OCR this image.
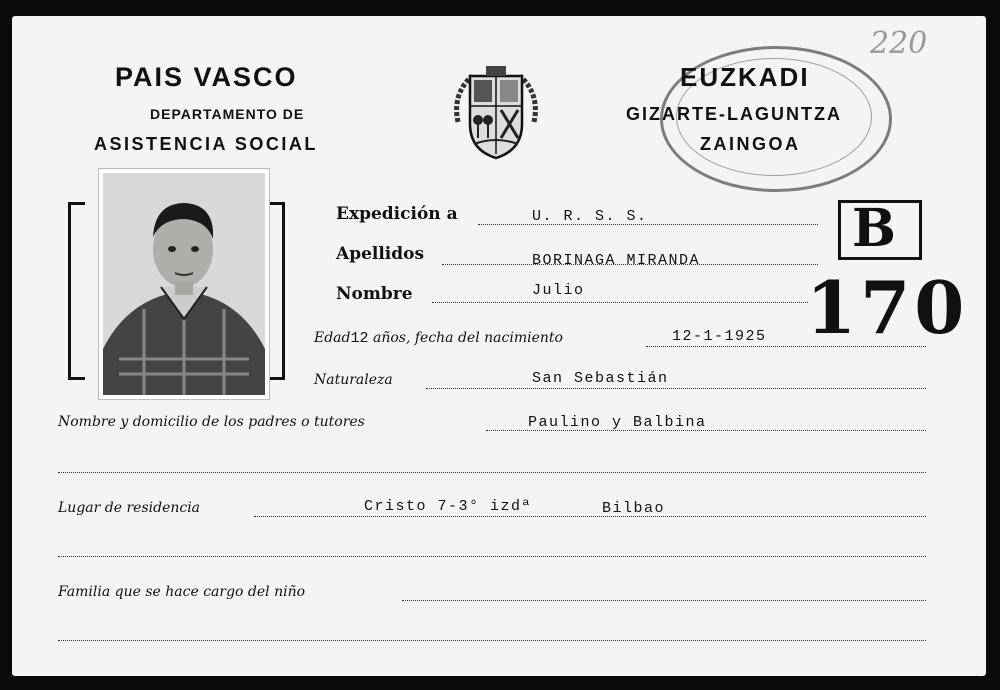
220
PAIS VASCO
DEPARTAMENTO DE
ASISTENCIA SOCIAL
EUZKADI
GIZARTE-LAGUNTZA
ZAINGOA
B
170
Expedición a	U. R. S. S.
Apellidos	BORINAGA MIRANDA
Nombre	Julio
Edad12 años, fecha del nacimiento	12-1-1925
Naturaleza	San Sebastián
Nombre y domicilio de los padres o tutores	Paulino y Balbina
Lugar de residencia	Cristo 7-3° izdª	Bilbao
Familia que se hace cargo del niño
